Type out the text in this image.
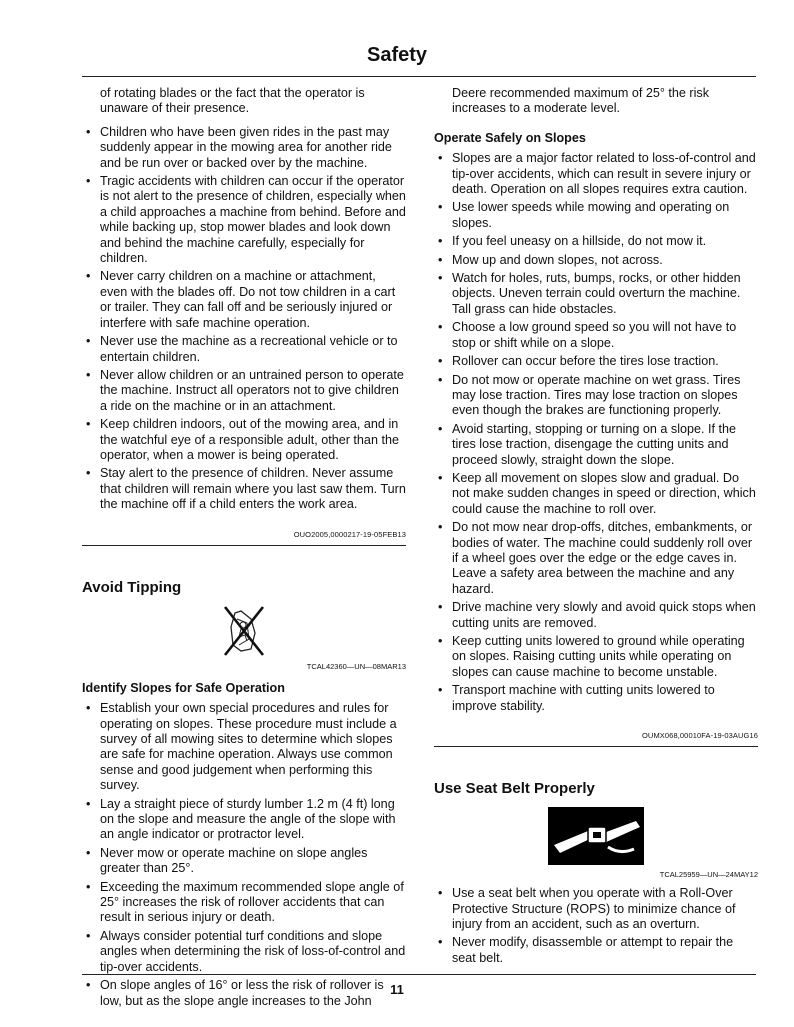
Safety
of rotating blades or the fact that the operator is unaware of their presence.
• Children who have been given rides in the past may suddenly appear in the mowing area for another ride and be run over or backed over by the machine.
• Tragic accidents with children can occur if the operator is not alert to the presence of children, especially when a child approaches a machine from behind. Before and while backing up, stop mower blades and look down and behind the machine carefully, especially for children.
• Never carry children on a machine or attachment, even with the blades off. Do not tow children in a cart or trailer. They can fall off and be seriously injured or interfere with safe machine operation.
• Never use the machine as a recreational vehicle or to entertain children.
• Never allow children or an untrained person to operate the machine. Instruct all operators not to give children a ride on the machine or in an attachment.
• Keep children indoors, out of the mowing area, and in the watchful eye of a responsible adult, other than the operator, when a mower is being operated.
• Stay alert to the presence of children. Never assume that children will remain where you last saw them. Turn the machine off if a child enters the work area.
OUO2005,0000217-19-05FEB13
Avoid Tipping
TCAL42360—UN—08MAR13
Identify Slopes for Safe Operation
• Establish your own special procedures and rules for operating on slopes. These procedure must include a survey of all mowing sites to determine which slopes are safe for machine operation. Always use common sense and good judgement when performing this survey.
• Lay a straight piece of sturdy lumber 1.2 m (4 ft) long on the slope and measure the angle of the slope with an angle indicator or protractor level.
• Never mow or operate machine on slope angles greater than 25°.
• Exceeding the maximum recommended slope angle of 25° increases the risk of rollover accidents that can result in serious injury or death.
• Always consider potential turf conditions and slope angles when determining the risk of loss-of-control and tip-over accidents.
• On slope angles of 16° or less the risk of rollover is low, but as the slope angle increases to the John
Deere recommended maximum of 25° the risk increases to a moderate level.
Operate Safely on Slopes
• Slopes are a major factor related to loss-of-control and tip-over accidents, which can result in severe injury or death. Operation on all slopes requires extra caution.
• Use lower speeds while mowing and operating on slopes.
• If you feel uneasy on a hillside, do not mow it.
• Mow up and down slopes, not across.
• Watch for holes, ruts, bumps, rocks, or other hidden objects. Uneven terrain could overturn the machine. Tall grass can hide obstacles.
• Choose a low ground speed so you will not have to stop or shift while on a slope.
• Rollover can occur before the tires lose traction.
• Do not mow or operate machine on wet grass. Tires may lose traction. Tires may lose traction on slopes even though the brakes are functioning properly.
• Avoid starting, stopping or turning on a slope. If the tires lose traction, disengage the cutting units and proceed slowly, straight down the slope.
• Keep all movement on slopes slow and gradual. Do not make sudden changes in speed or direction, which could cause the machine to roll over.
• Do not mow near drop-offs, ditches, embankments, or bodies of water. The machine could suddenly roll over if a wheel goes over the edge or the edge caves in. Leave a safety area between the machine and any hazard.
• Drive machine very slowly and avoid quick stops when cutting units are removed.
• Keep cutting units lowered to ground while operating on slopes. Raising cutting units while operating on slopes can cause machine to become unstable.
• Transport machine with cutting units lowered to improve stability.
OUMX068,00010FA-19-03AUG16
Use Seat Belt Properly
TCAL25959—UN—24MAY12
• Use a seat belt when you operate with a Roll-Over Protective Structure (ROPS) to minimize chance of injury from an accident, such as an overturn.
• Never modify, disassemble or attempt to repair the seat belt.
11
